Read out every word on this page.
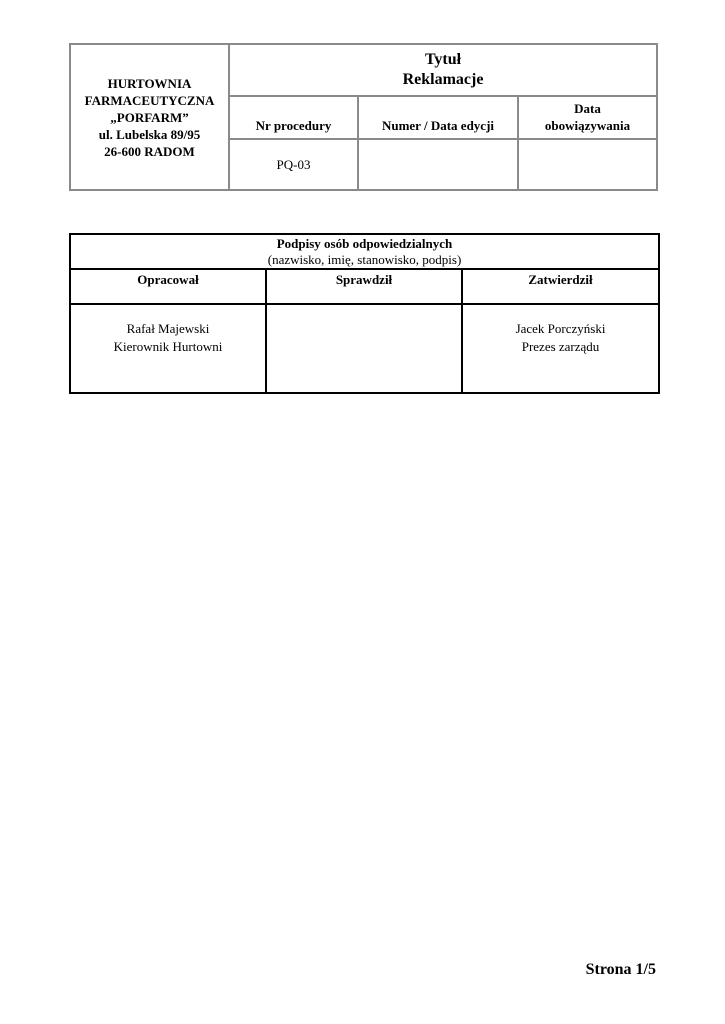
HURTOWNIA
FARMACEUTYCZNA
„PORFARM”
ul. Lubelska 89/95
26-600 RADOM	Tytuł
Reklamacje		

	Nr procedury	Numer / Data edycji	Data
obowiązywania

	PQ-03		
Podpisy osób odpowiedzialnych
(nazwisko, imię, stanowisko, podpis)		

Opracował	Sprawdził	Zatwierdził

Rafał Majewski
Kierownik Hurtowni		Jacek Porczyński
Prezes zarządu
Strona 1/5
